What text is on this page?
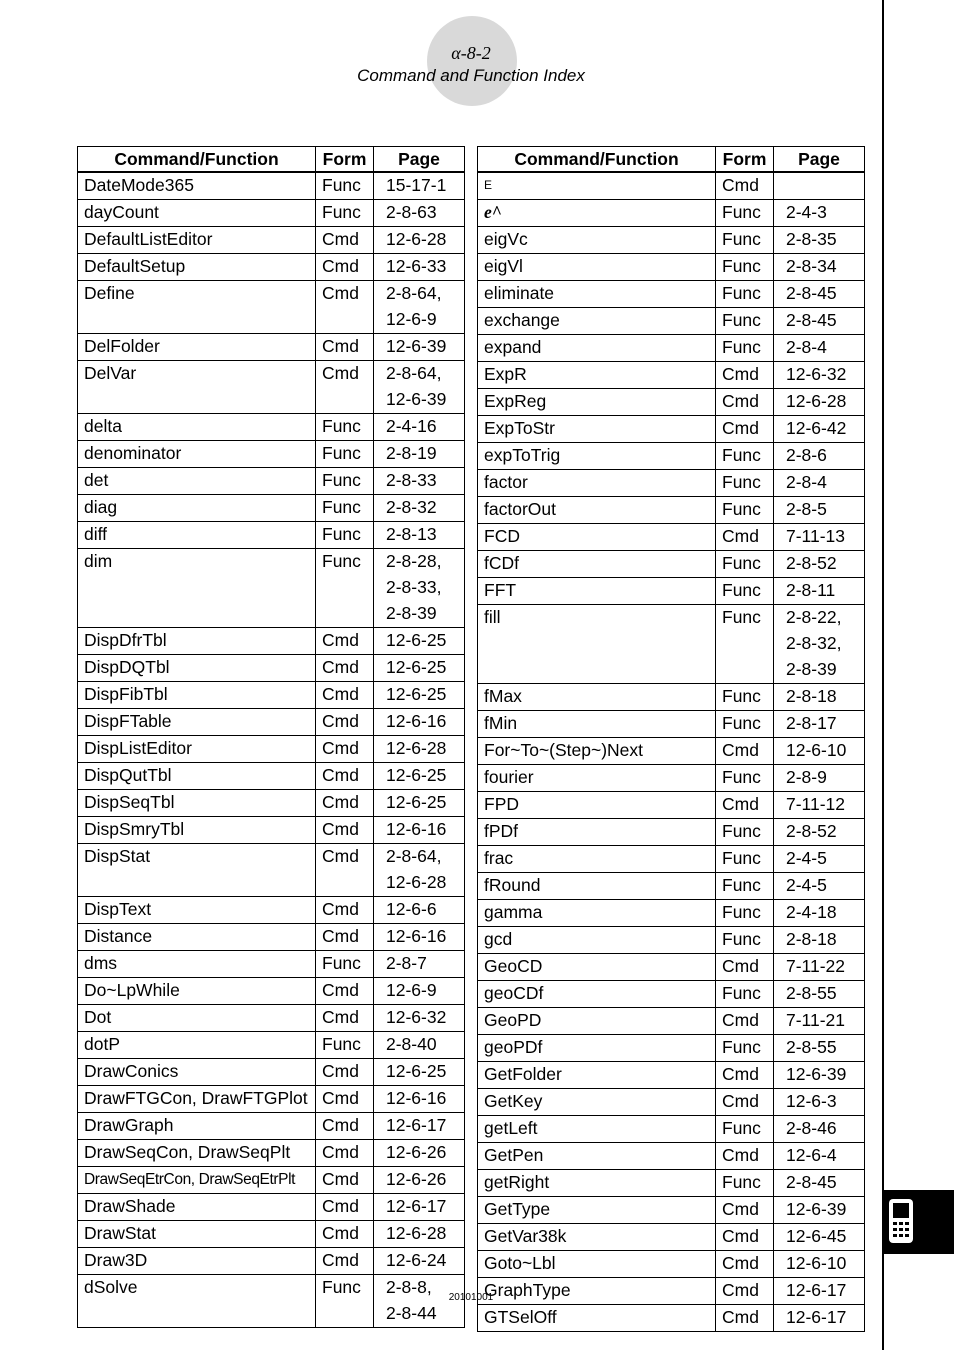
α-8-2
Command and Function Index
Command/Function	Form	Page
DateMode365	Func	15-17-1

dayCount	Func	2-8-63

DefaultListEditor	Cmd	12-6-28

DefaultSetup	Cmd	12-6-33

Define	Cmd	2-8-64,
12-6-9

DelFolder	Cmd	12-6-39

DelVar	Cmd	2-8-64,
12-6-39

delta	Func	2-4-16

denominator	Func	2-8-19

det	Func	2-8-33

diag	Func	2-8-32

diff	Func	2-8-13

dim	Func	2-8-28,
2-8-33,
2-8-39

DispDfrTbl	Cmd	12-6-25

DispDQTbl	Cmd	12-6-25

DispFibTbl	Cmd	12-6-25

DispFTable	Cmd	12-6-16

DispListEditor	Cmd	12-6-28

DispQutTbl	Cmd	12-6-25

DispSeqTbl	Cmd	12-6-25

DispSmryTbl	Cmd	12-6-16

DispStat	Cmd	2-8-64,
12-6-28

DispText	Cmd	12-6-6

Distance	Cmd	12-6-16

dms	Func	2-8-7

Do~LpWhile	Cmd	12-6-9

Dot	Cmd	12-6-32

dotP	Func	2-8-40

DrawConics	Cmd	12-6-25

DrawFTGCon, DrawFTGPlot	Cmd	12-6-16

DrawGraph	Cmd	12-6-17

DrawSeqCon, DrawSeqPlt	Cmd	12-6-26

DrawSeqEtrCon, DrawSeqEtrPlt	Cmd	12-6-26

DrawShade	Cmd	12-6-17

DrawStat	Cmd	12-6-28

Draw3D	Cmd	12-6-24

dSolve	Func	2-8-8,
2-8-44
Command/Function	Form	Page
E	Cmd	

e^	Func	2-4-3

eigVc	Func	2-8-35

eigVl	Func	2-8-34

eliminate	Func	2-8-45

exchange	Func	2-8-45

expand	Func	2-8-4

ExpR	Cmd	12-6-32

ExpReg	Cmd	12-6-28

ExpToStr	Cmd	12-6-42

expToTrig	Func	2-8-6

factor	Func	2-8-4

factorOut	Func	2-8-5

FCD	Cmd	7-11-13

fCDf	Func	2-8-52

FFT	Func	2-8-11

fill	Func	2-8-22,
2-8-32,
2-8-39

fMax	Func	2-8-18

fMin	Func	2-8-17

For~To~(Step~)Next	Cmd	12-6-10

fourier	Func	2-8-9

FPD	Cmd	7-11-12

fPDf	Func	2-8-52

frac	Func	2-4-5

fRound	Func	2-4-5

gamma	Func	2-4-18

gcd	Func	2-8-18

GeoCD	Cmd	7-11-22

geoCDf	Func	2-8-55

GeoPD	Cmd	7-11-21

geoPDf	Func	2-8-55

GetFolder	Cmd	12-6-39

GetKey	Cmd	12-6-3

getLeft	Func	2-8-46

GetPen	Cmd	12-6-4

getRight	Func	2-8-45

GetType	Cmd	12-6-39

GetVar38k	Cmd	12-6-45

Goto~Lbl	Cmd	12-6-10

GraphType	Cmd	12-6-17

GTSelOff	Cmd	12-6-17
20101001
